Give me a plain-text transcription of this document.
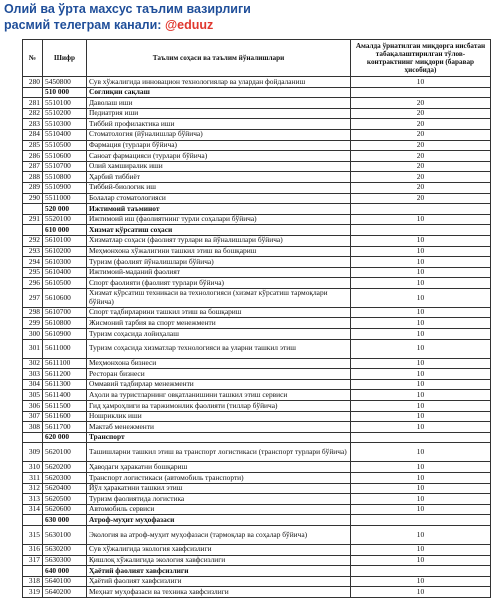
Олий ва ўрта махсус таълим вазирлиги
расмий телеграм канали: @eduuz
№	Шифр	Таълим соҳаси ва таълим йўналишлари	Амалда ўрнатилган миқдорга нисбатан табақалаштирилган тўлов-контрактнинг миқдори (баравар ҳисобида)
280	5450800	Сув хўжалигида инновацион технологиялар ва улардан фойдаланиш	10
	510 000	Соғлиқни сақлаш	
281	5510100	Даволаш иши	20
282	5510200	Педиатрия иши	20
283	5510300	Тиббий профилактика иши	20
284	5510400	Стоматология (йўналишлар бўйича)	20
285	5510500	Фармация (турлари бўйича)	20
286	5510600	Саноат фармацияси (турлари бўйича)	20
287	5510700	Олий хамширалик иши	20
288	5510800	Ҳарбий тиббиёт	20
289	5510900	Тиббий-биологик иш	20
290	5511000	Болалар стоматологияси	20
	520 000	Ижтимоий таъминот	
291	5520100	Ижтимоий иш (фаолиятнинг турли соҳалари бўйича)	10
	610 000	Хизмат кўрсатиш соҳаси	
292	5610100	Хизматлар соҳаси (фаолият турлари ва йўналишлари бўйича)	10
293	5610200	Меҳмонхона хўжалигини ташкил этиш ва бошқариш	10
294	5610300	Туризм (фаолият йўналишлари бўйича)	10
295	5610400	Ижтимоий-маданий фаолият	10
296	5610500	Спорт фаолияти (фаолият турлари бўйича)	10
297	5610600	Хизмат кўрсатиш техникаси ва технологияси (хизмат кўрсатиш тармоқлари бўйича)	10
298	5610700	Спорт тадбирларини ташкил этиш ва бошқариш	10
299	5610800	Жисмоний тарбия ва спорт менежменти	10
300	5610900	Туризм соҳасида лойиҳалаш	10
301	5611000	Туризм соҳасида хизматлар технологияси ва уларни ташкил этиш	10
302	5611100	Меҳмонхона бизнеси	10
303	5611200	Ресторан бизнеси	10
304	5611300	Оммавий тадбирлар менежменти	10
305	5611400	Аҳоли ва туристларнинг овқатланишини ташкил этиш сервиси	10
306	5611500	Гид ҳамроҳлиги ва таржимонлик фаолияти (тиллар бўйича)	10
307	5611600	Ношриклик иши	10
308	5611700	Мактаб менежменти	10
	620 000	Транспорт	
309	5620100	Ташишларни ташкил этиш ва транспорт логистикаси (транспорт турлари бўйича)	10
310	5620200	Ҳаводаги ҳаракатни бошқариш	10
311	5620300	Транспорт логистикаси (автомобиль транспорти)	10
312	5620400	Йўл ҳаракатини ташкил этиш	10
313	5620500	Туризм фаолиятида логистика	10
314	5620600	Автомобиль сервиси	10
	630 000	Атроф-муҳит муҳофазаси	
315	5630100	Экология ва атроф-муҳит муҳофазаси (тармоқлар ва соҳалар бўйича)	10
316	5630200	Сув хўжалигида экология хавфсизлиги	10
317	5630300	Қишлоқ хўжалигида экология хавфсизлиги	10
	640 000	Ҳаётий фаолият хавфсизлиги	
318	5640100	Ҳаётий фаолият хавфсизлиги	10
319	5640200	Меҳнат муҳофазаси ва техника хавфсизлиги	10
